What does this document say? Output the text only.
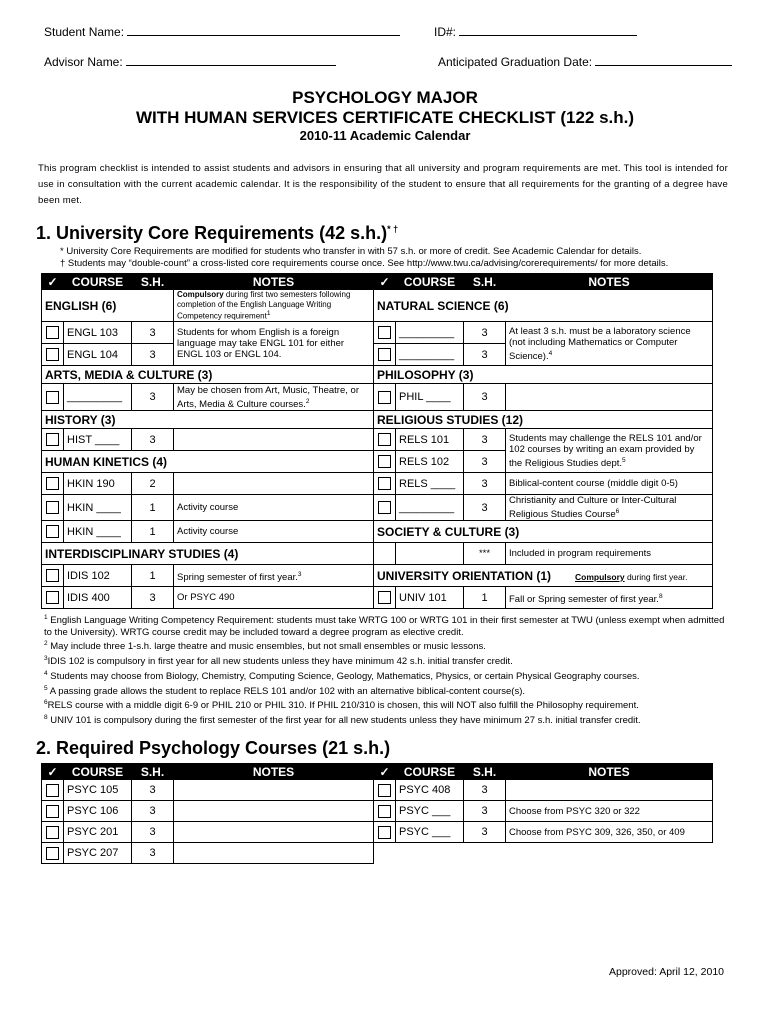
Student Name:	ID#:
Advisor Name:	Anticipated Graduation Date:
PSYCHOLOGY MAJOR
WITH HUMAN SERVICES CERTIFICATE CHECKLIST (122 s.h.)
2010-11 Academic Calendar
This program checklist is intended to assist students and advisors in ensuring that all university and program requirements are met. This tool is intended for use in consultation with the current academic calendar. It is the responsibility of the student to ensure that all requirements for the granting of a degree have been met.
1. University Core Requirements (42 s.h.)* †
* University Core Requirements are modified for students who transfer in with 57 s.h. or more of credit. See Academic Calendar for details.
† Students may “double-count” a cross-listed core requirements course once. See http://www.twu.ca/advising/corerequirements/ for more details.
✓	COURSE	S.H.	NOTES	✓	COURSE	S.H.	NOTES
ENGLISH (6)			Compulsory during first two semesters following completion of the English Language Writing Competency requirement$^1$	NATURAL SCIENCE (6)			
	ENGL 103	3	Students for whom English is a foreign language may take ENGL 101 for either ENGL 103 or ENGL 104.		_________	3	At least 3 s.h. must be a laboratory science (not including Mathematics or Computer Science).$^4$
	ENGL 104	3			_________	3	
ARTS, MEDIA & CULTURE (3)				PHILOSOPHY (3)			
	_________	3	May be chosen from Art, Music, Theatre, or Arts, Media & Culture courses.$^2$		PHIL ____	3	
HISTORY (3)				RELIGIOUS STUDIES (12)			
	HIST ____	3			RELS 101	3	Students may challenge the RELS 101 and/or 102 courses by writing an exam provided by the Religious Studies dept.$^5$
HUMAN KINETICS (4)					RELS 102	3	
	HKIN 190	2			RELS ____	3	Biblical-content course (middle digit 0-5)
	HKIN ____	1	Activity course		_________	3	Christianity and Culture or Inter-Cultural Religious Studies Course$^6$
	HKIN ____	1	Activity course	SOCIETY & CULTURE (3)			
INTERDISCIPLINARY STUDIES (4)						***	Included in program requirements
	IDIS 102	1	Spring semester of first year.$^3$	UNIVERSITY ORIENTATION (1) Compulsory during first year.			
	IDIS 400	3	Or PSYC 490		UNIV 101	1	Fall or Spring semester of first year.$^8$
$^1$ English Language Writing Competency Requirement: students must take WRTG 100 or WRTG 101 in their first semester at TWU (unless exempt when admitted to the University). WRTG course credit may be included toward a degree program as elective credit.
$^2$ May include three 1-s.h. large theatre and music ensembles, but not small ensembles or music lessons.
$^3$IDIS 102 is compulsory in first year for all new students unless they have minimum 42 s.h. initial transfer credit.
$^4$ Students may choose from Biology, Chemistry, Computing Science, Geology, Mathematics, Physics, or certain Physical Geography courses.
$^5$ A passing grade allows the student to replace RELS 101 and/or 102 with an alternative biblical-content course(s).
$^6$RELS course with a middle digit 6-9 or PHIL 210 or PHIL 310. If PHIL 210/310 is chosen, this will NOT also fulfill the Philosophy requirement.
$^8$ UNIV 101 is compulsory during the first semester of the first year for all new students unless they have minimum 27 s.h. initial transfer credit.
2. Required Psychology Courses (21 s.h.)
✓	COURSE	S.H.	NOTES	✓	COURSE	S.H.	NOTES
	PSYC 105	3			PSYC 408	3	
	PSYC 106	3			PSYC ___	3	Choose from PSYC 320 or 322
	PSYC 201	3			PSYC ___	3	Choose from PSYC 309, 326, 350, or 409
	PSYC 207	3					
Approved: April 12, 2010
